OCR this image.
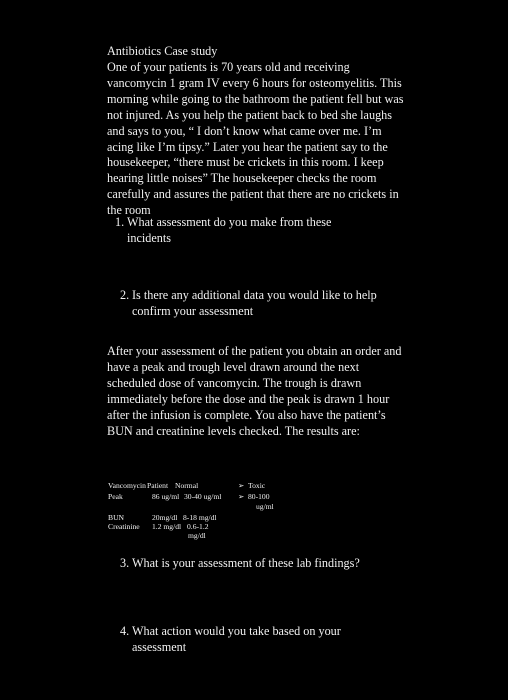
Antibiotics Case study

One of your patients is 70 years old and receiving vancomycin 1 gram IV every 6 hours for osteomyelitis. This morning while going to the bathroom the patient fell but was not injured. As you help the patient back to bed she laughs and says to you, “ I don’t know what came over me. I’m acing like I’m tipsy.” Later you hear the patient say to the housekeeper, “there must be crickets in this room. I keep hearing little noises” The housekeeper checks the room carefully and assures the patient that there are no crickets in the room

1. What assessment do you make from these incidents
2. Is there any additional data you would like to help confirm your assessment

After your assessment of the patient you obtain an order and have a peak and trough level drawn around the next scheduled dose of vancomycin. The trough is drawn immediately before the dose and the peak is drawn 1 hour after the infusion is complete. You also have the patient’s BUN and creatinine levels checked. The results are:

Vancomycin Patient Normal	➢ Toxic
Peak	86 ug/ml 30-40 ug/ml ➢ 80-100
ug/ml
BUN	20mg/dl 8-18 mg/dl
Creatinine 1.2 mg/dl 0.6-1.2
mg/dl
3. What is your assessment of these lab findings?
4. What action would you take based on your assessment
